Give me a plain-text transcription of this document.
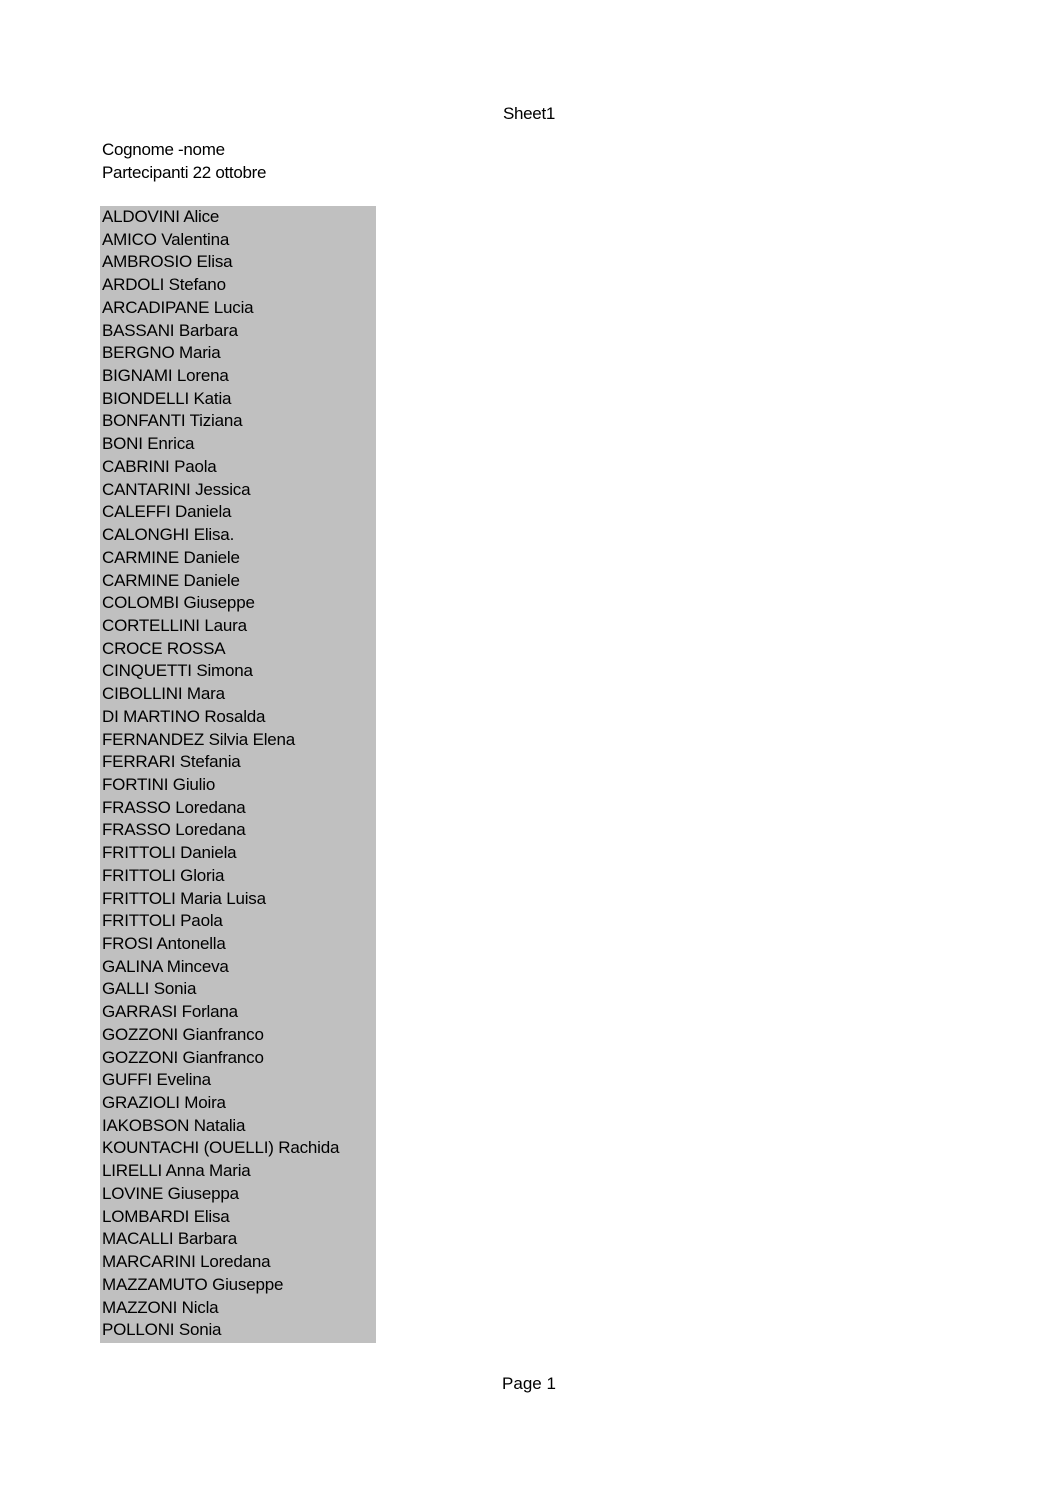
Sheet1
Cognome -nome
Partecipanti 22 ottobre
ALDOVINI Alice
AMICO Valentina
AMBROSIO Elisa
ARDOLI Stefano
ARCADIPANE Lucia
BASSANI Barbara
BERGNO Maria
BIGNAMI Lorena
BIONDELLI Katia
BONFANTI Tiziana
BONI Enrica
CABRINI Paola
CANTARINI Jessica
CALEFFI Daniela
CALONGHI Elisa.
CARMINE Daniele
CARMINE Daniele
COLOMBI Giuseppe
CORTELLINI Laura
CROCE ROSSA
CINQUETTI Simona
CIBOLLINI Mara
DI MARTINO Rosalda
FERNANDEZ Silvia Elena
FERRARI Stefania
FORTINI Giulio
FRASSO Loredana
FRASSO Loredana
FRITTOLI Daniela
FRITTOLI Gloria
FRITTOLI Maria Luisa
FRITTOLI Paola
FROSI Antonella
GALINA Minceva
GALLI Sonia
GARRASI Forlana
GOZZONI Gianfranco
GOZZONI Gianfranco
GUFFI Evelina
GRAZIOLI Moira
IAKOBSON Natalia
KOUNTACHI (OUELLI) Rachida
LIRELLI Anna Maria
LOVINE Giuseppa
LOMBARDI Elisa
MACALLI Barbara
MARCARINI Loredana
MAZZAMUTO Giuseppe
MAZZONI Nicla
POLLONI Sonia
Page 1
